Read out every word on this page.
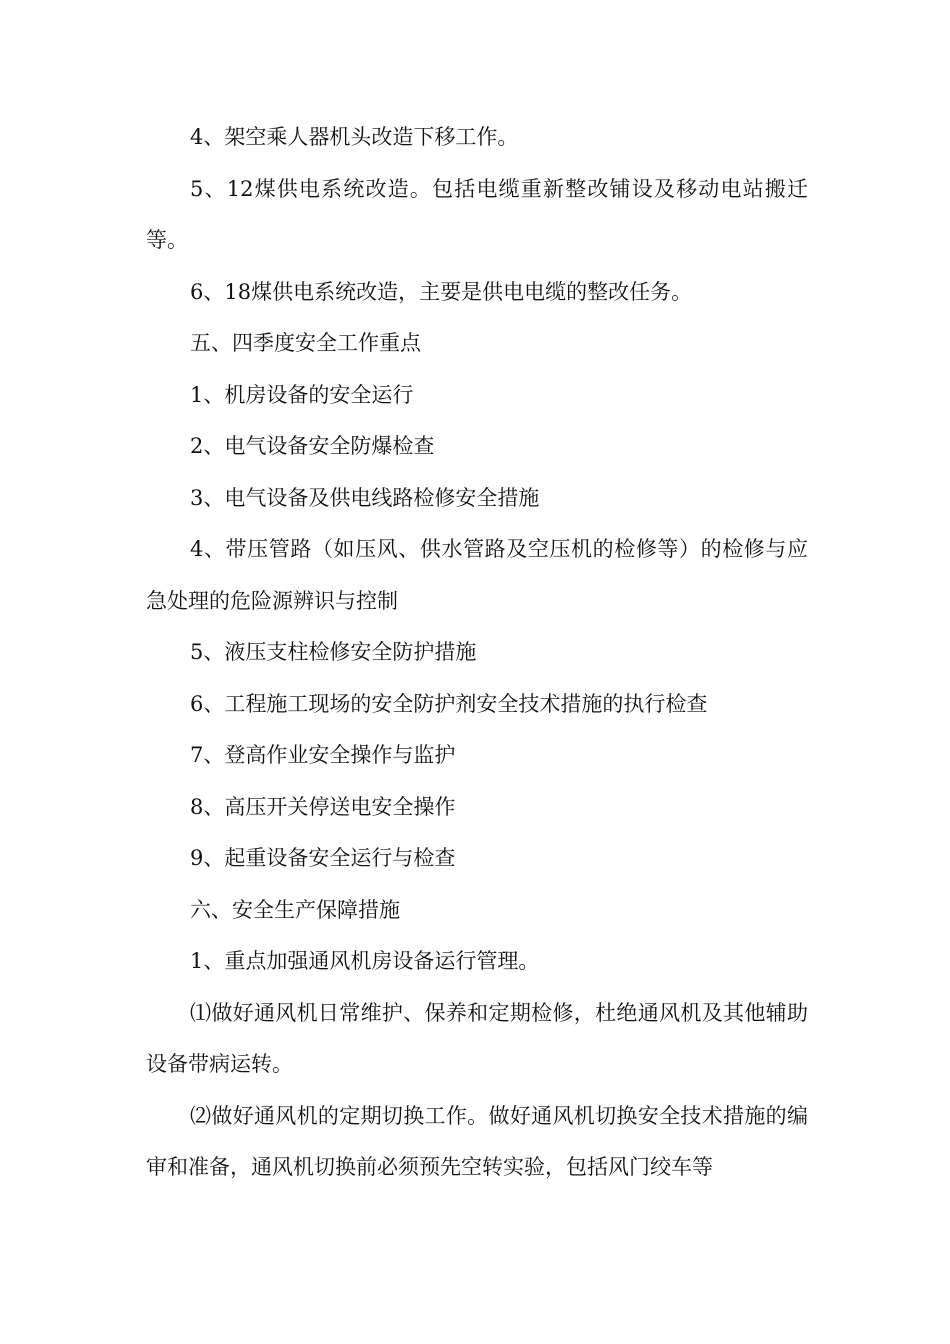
4、架空乘人器机头改造下移工作。

5、12煤供电系统改造。包括电缆重新整改铺设及移动电站搬迁等。

6、18煤供电系统改造，主要是供电电缆的整改任务。

五、四季度安全工作重点

1、机房设备的安全运行

2、电气设备安全防爆检查

3、电气设备及供电线路检修安全措施

4、带压管路（如压风、供水管路及空压机的检修等）的检修与应急处理的危险源辨识与控制

5、液压支柱检修安全防护措施

6、工程施工现场的安全防护剂安全技术措施的执行检查

7、登高作业安全操作与监护

8、高压开关停送电安全操作

9、起重设备安全运行与检查

六、安全生产保障措施

1、重点加强通风机房设备运行管理。

⑴做好通风机日常维护、保养和定期检修，杜绝通风机及其他辅助设备带病运转。

⑵做好通风机的定期切换工作。做好通风机切换安全技术措施的编审和准备，通风机切换前必须预先空转实验，包括风门绞车等
